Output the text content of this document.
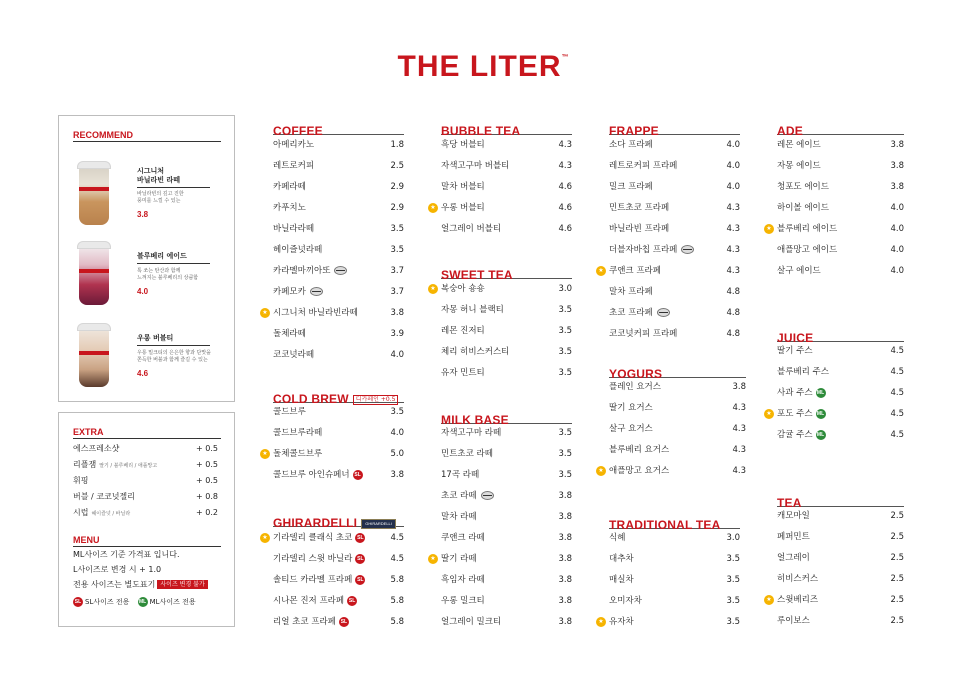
THE LITER™
RECOMMEND
시그니처
바닐라빈 라떼
바닐라빈의 깊고 진한
풍미를 느낄 수 있는
3.8
블루베리 에이드
톡 쏘는 탄산과 함께
느껴지는 블루베리의 상큼함
4.0
우롱 버블티
우롱 밀크티의 은은한 향과 단맛을
쫀득한 버블과 함께 즐길 수 있는
4.6
EXTRA
에스프레소샷	+ 0.5
리플잼 딸기 / 블루베리 / 애플망고	+ 0.5
휘핑	+ 0.5
버블 / 코코넛젤리	+ 0.8
시럽 헤이즐넛 / 바닐라	+ 0.2
MENU
ML사이즈 기준 가격표 입니다.
L사이즈로 변경 시 + 1.0
전용 사이즈는 별도표기 사이즈 변경 불가
SL SL사이즈 전용 ML ML사이즈 전용
COFFEE
아메리카노	1.8
레트로커피	2.5
카페라떼	2.9
카푸치노	2.9
바닐라라떼	3.5
헤이즐넛라떼	3.5
카라멜마끼아또	3.7
카페모카	3.7
★ 시그니처 바닐라빈라떼	3.8
돌체라떼	3.9
코코넛라떼	4.0
COLD BREW 디카페인 +0.5
콜드브루	3.5
콜드브루라떼	4.0
★ 돌체콜드브루	5.0
콜드브루 아인슈페너 SL	3.8
GHIRARDELLI GHIRARDELLI
★ 기라델리 클래식 초코 SL	4.5
기라델리 스윗 바닐라 SL	4.5
솔티드 카라멜 프라페 SL	5.8
시나몬 진저 프라페 SL	5.8
리얼 초코 프라페 SL	5.8
BUBBLE TEA
흑당 버블티	4.3
자색고구마 버블티	4.3
말차 버블티	4.6
★ 우롱 버블티	4.6
얼그레이 버블티	4.6
SWEET TEA
★ 복숭아 숑숑	3.0
자몽 허니 블랙티	3.5
레몬 진저티	3.5
체리 히비스커스티	3.5
유자 민트티	3.5
MILK BASE
자색고구마 라떼	3.5
민트초코 라떼	3.5
17곡 라떼	3.5
초코 라떼	3.8
말차 라떼	3.8
쿠앤크 라떼	3.8
★ 딸기 라떼	3.8
흑임자 라떼	3.8
우롱 밀크티	3.8
얼그레이 밀크티	3.8
FRAPPE
소다 프라페	4.0
레트로커피 프라페	4.0
밀크 프라페	4.0
민트초코 프라페	4.3
바닐라빈 프라페	4.3
더블자바칩 프라페	4.3
★ 쿠앤크 프라페	4.3
말차 프라페	4.8
초코 프라페	4.8
코코넛커피 프라페	4.8
YOGURS
플레인 요거스	3.8
딸기 요거스	4.3
살구 요거스	4.3
블루베리 요거스	4.3
★ 애플망고 요거스	4.3
TRADITIONAL TEA
식혜	3.0
대추차	3.5
매실차	3.5
오미자차	3.5
★ 유자차	3.5
ADE
레몬 에이드	3.8
자몽 에이드	3.8
청포도 에이드	3.8
하이볼 에이드	4.0
★ 블루베리 에이드	4.0
애플망고 에이드	4.0
살구 에이드	4.0
JUICE
딸기 주스	4.5
블루베리 주스	4.5
사과 주스 ML	4.5
★ 포도 주스 ML	4.5
감귤 주스 ML	4.5
TEA
캐모마일	2.5
페퍼민트	2.5
얼그레이	2.5
히비스커스	2.5
★ 스윗베리즈	2.5
루이보스	2.5
